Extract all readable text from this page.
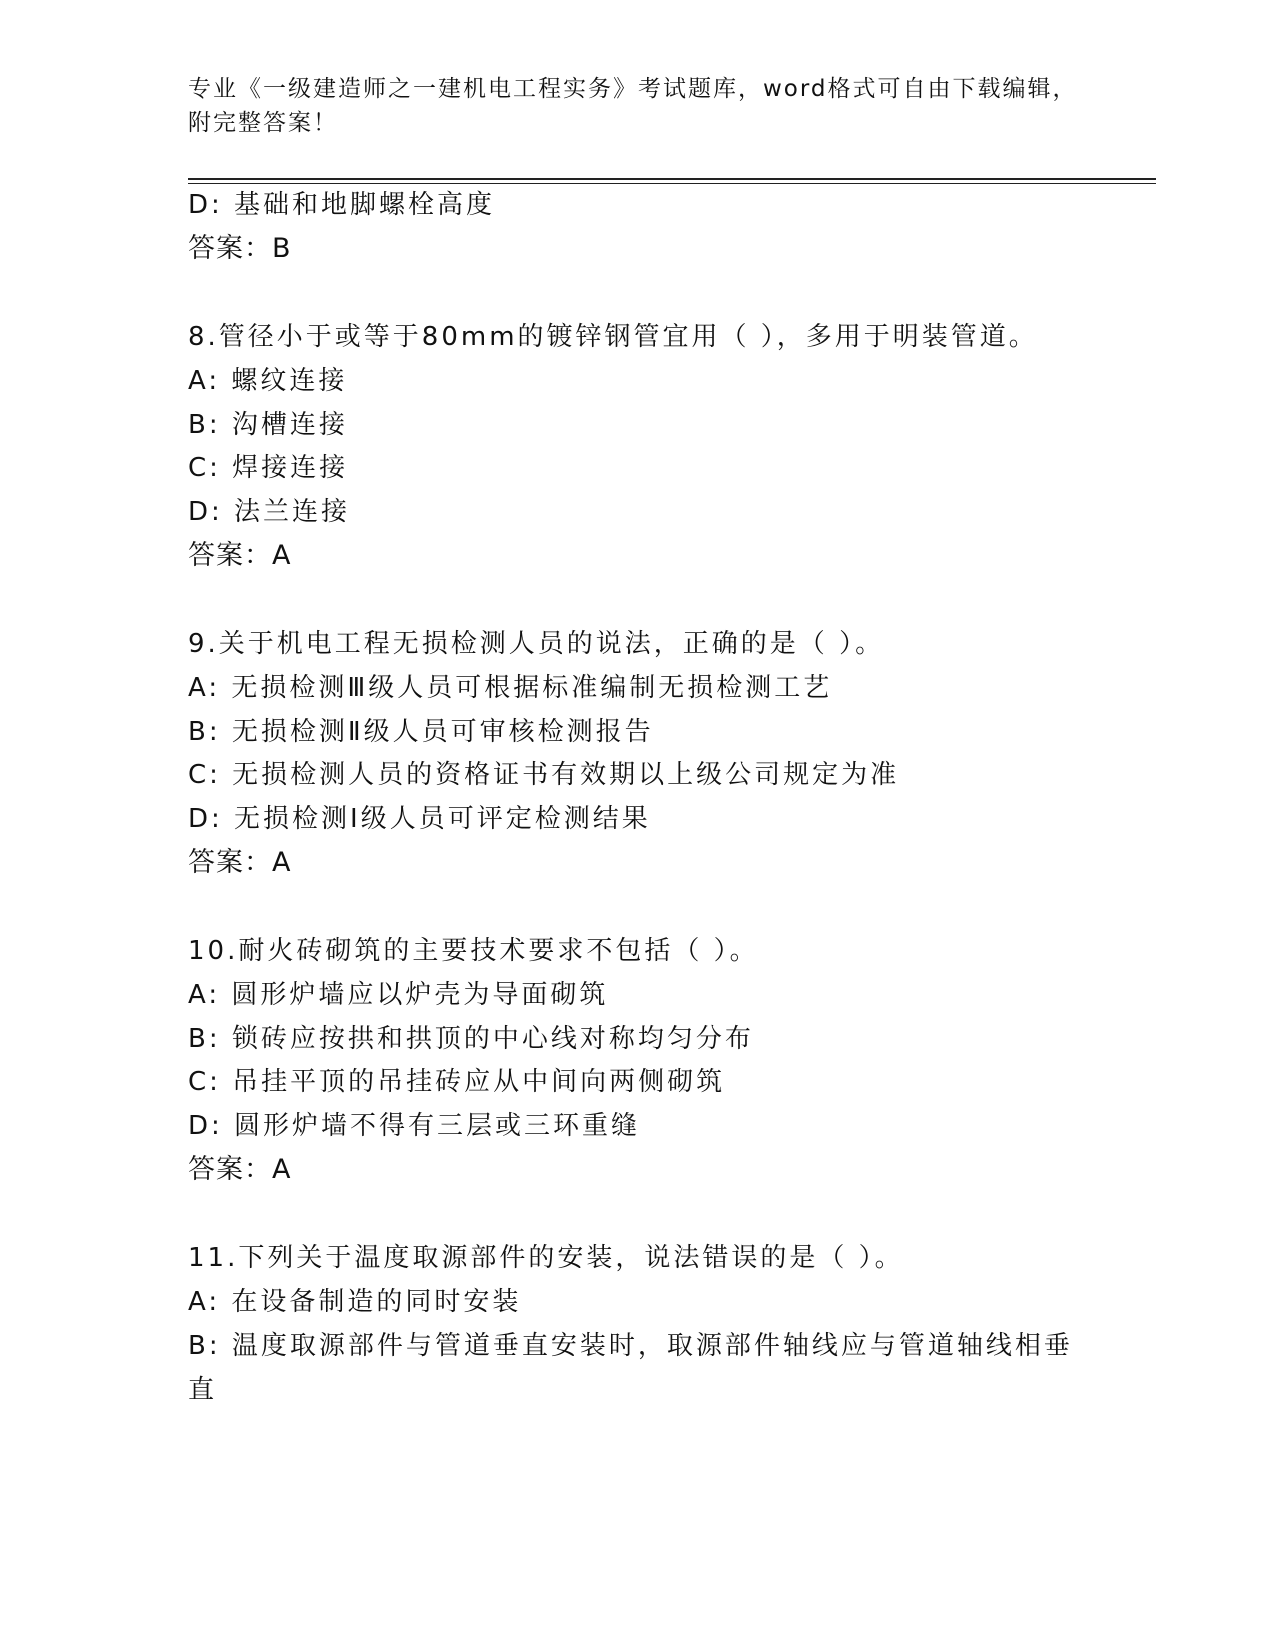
专业《一级建造师之一建机电工程实务》考试题库，word格式可自由下载编辑，
附完整答案！
D: 基础和地脚螺栓高度
答案：B
8.管径小于或等于80mm的镀锌钢管宜用（ ），多用于明装管道。
A: 螺纹连接
B: 沟槽连接
C: 焊接连接
D: 法兰连接
答案：A
9.关于机电工程无损检测人员的说法，正确的是（ ）。
A: 无损检测Ⅲ级人员可根据标准编制无损检测工艺
B: 无损检测Ⅱ级人员可审核检测报告
C: 无损检测人员的资格证书有效期以上级公司规定为准
D: 无损检测Ⅰ级人员可评定检测结果
答案：A
10.耐火砖砌筑的主要技术要求不包括（ ）。
A: 圆形炉墙应以炉壳为导面砌筑
B: 锁砖应按拱和拱顶的中心线对称均匀分布
C: 吊挂平顶的吊挂砖应从中间向两侧砌筑
D: 圆形炉墙不得有三层或三环重缝
答案：A
11.下列关于温度取源部件的安装，说法错误的是（ ）。
A: 在设备制造的同时安装
B: 温度取源部件与管道垂直安装时，取源部件轴线应与管道轴线相垂
直
